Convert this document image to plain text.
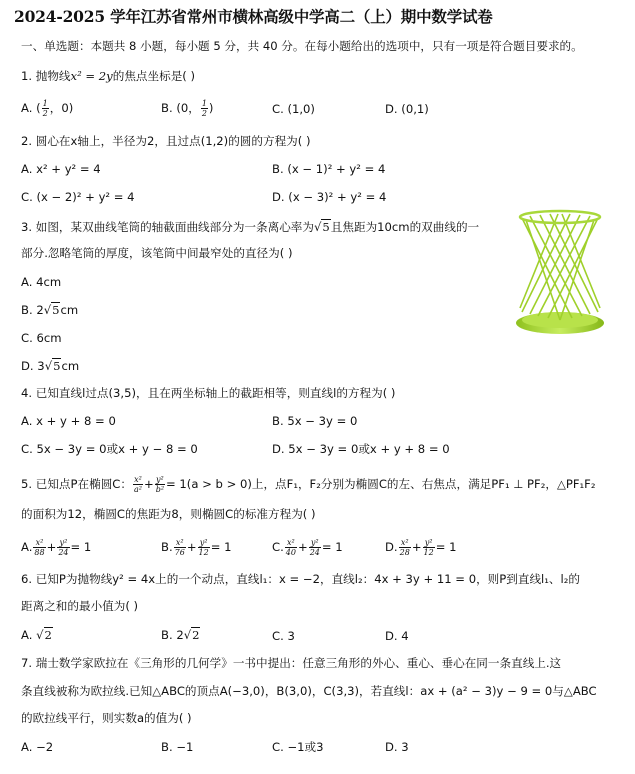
2024-2025 学年江苏省常州市横林高级中学高二（上）期中数学试卷
一、单选题：本题共 8 小题，每小题 5 分，共 40 分。在每小题给出的选项中，只有一项是符合题目要求的。
1. 抛物线x² = 2y的焦点坐标是( )
A. ( $\frac{1}{2}$ ，0)	B. (0， $\frac{1}{2}$ )	C. (1,0)	D. (0,1)
2. 圆心在x轴上，半径为2，且过点(1,2)的圆的方程为( )
A. x² + y² = 4	B. (x − 1)² + y² = 4
C. (x − 2)² + y² = 4	D. (x − 3)² + y² = 4
3. 如图，某双曲线笔筒的轴截面曲线部分为一条离心率为√5且焦距为10cm的双曲线的一
部分.忽略笔筒的厚度，该笔筒中间最窄处的直径为( )
A. 4cm
B. 2√5cm
C. 6cm
D. 3√5cm
4. 已知直线l过点(3,5)，且在两坐标轴上的截距相等，则直线l的方程为( )
A. x + y + 8 = 0	B. 5x − 3y = 0
C. 5x − 3y = 0或x + y − 8 = 0	D. 5x − 3y = 0或x + y + 8 = 0
5. 已知点P在椭圆C： $\frac{\text{x²}}{\text{a²}} + \frac{\text{y²}}{\text{b²}} = 1(a > b > 0)$上，点F₁，F₂分别为椭圆C的左、右焦点，满足PF₁ ⊥ PF₂，△PF₁F₂
的面积为12，椭圆C的焦距为8，则椭圆C的标准方程为( )
A. $\frac{\text{x²}}{88} + \frac{\text{y²}}{24} = 1$	B. $\frac{\text{x²}}{76} + \frac{\text{y²}}{12} = 1$	C. $\frac{\text{x²}}{40} + \frac{\text{y²}}{24} = 1$	D. $\frac{\text{x²}}{28} + \frac{\text{y²}}{12} = 1$
6. 已知P为抛物线y² = 4x上的一个动点，直线l₁：x = −2，直线l₂：4x + 3y + 11 = 0，则P到直线l₁、l₂的
距离之和的最小值为( )
A. √2	B. 2√2	C. 3	D. 4
7. 瑞士数学家欧拉在《三角形的几何学》一书中提出：任意三角形的外心、重心、垂心在同一条直线上.这
条直线被称为欧拉线.已知△ABC的顶点A(−3,0)，B(3,0)，C(3,3)，若直线l：ax + (a² − 3)y − 9 = 0与△ABC
的欧拉线平行，则实数a的值为( )
A. −2	B. −1	C. −1或3	D. 3
